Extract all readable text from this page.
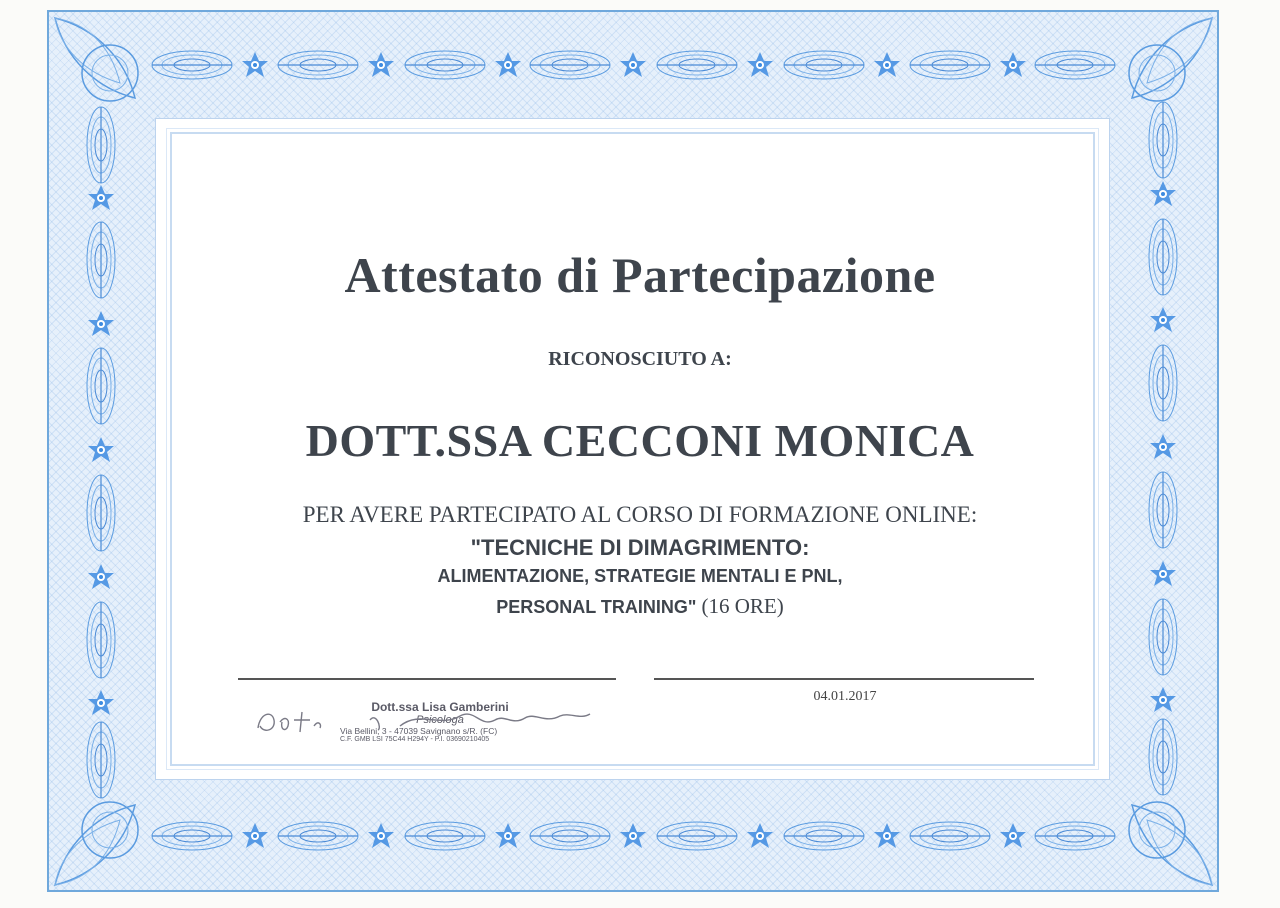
Attestato di Partecipazione
RICONOSCIUTO A:
DOTT.SSA CECCONI MONICA
PER AVERE PARTECIPATO AL CORSO DI FORMAZIONE ONLINE:
"TECNICHE DI DIMAGRIMENTO:
ALIMENTAZIONE, STRATEGIE MENTALI E PNL,
PERSONAL TRAINING" (16 ORE)
04.01.2017
Dott.ssa Lisa Gamberini
Psicologa
Via Bellini, 3 - 47039 Savignano s/R. (FC)
C.F. GMB LSI 75C44 H294Y - P.I. 03690210405
